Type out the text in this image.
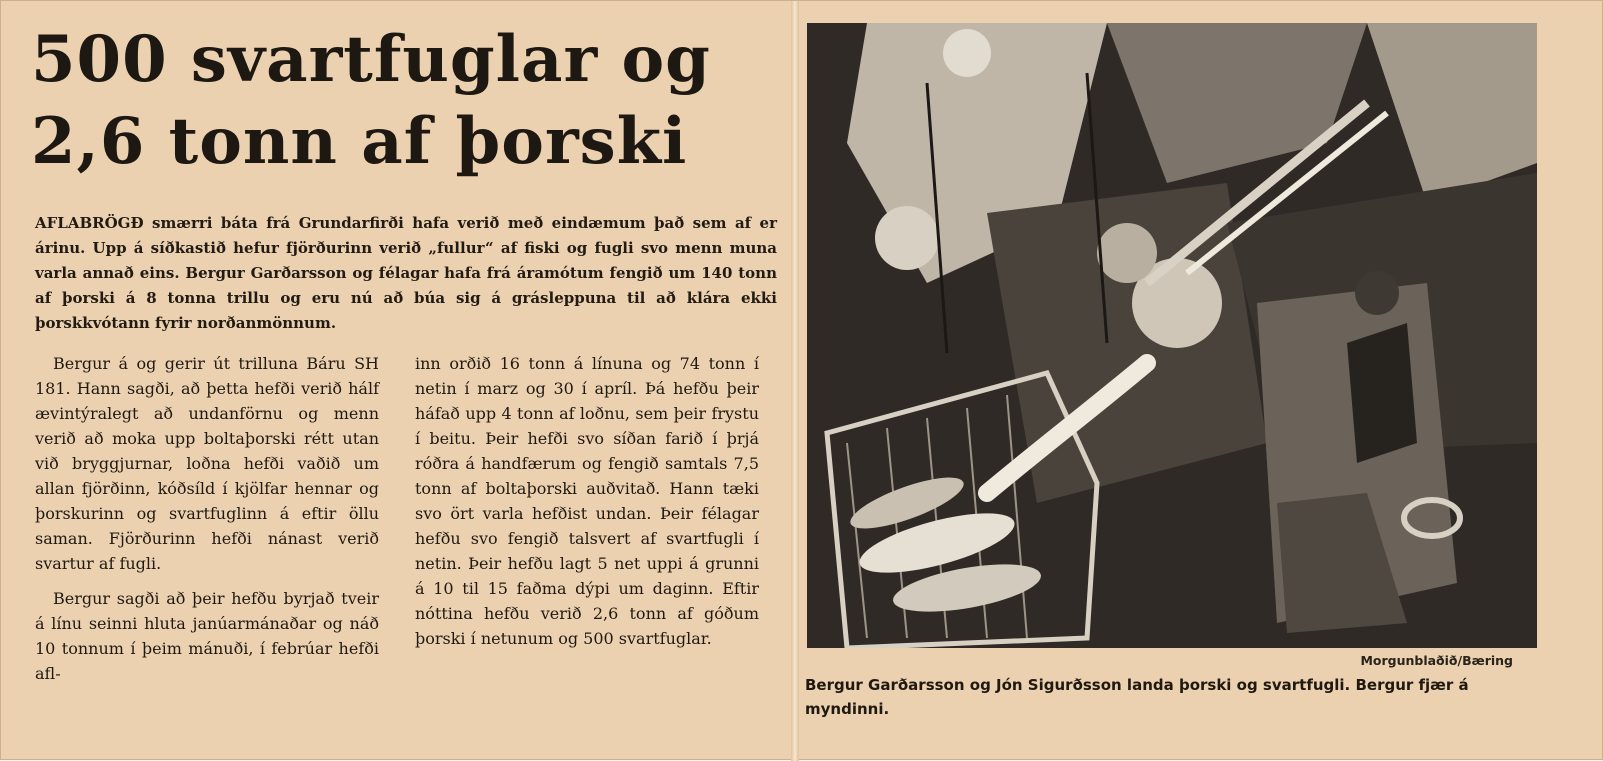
500 svartfuglar og
2,6 tonn af þorski

AFLABRÖGÐ smærri báta frá Grundarfirði hafa verið með eindæmum það sem af er árinu. Upp á síðkastið hefur fjörðurinn verið „fullur“ af fiski og fugli svo menn muna varla annað eins. Bergur Garðarsson og félagar hafa frá áramótum fengið um 140 tonn af þorski á 8 tonna trillu og eru nú að búa sig á grásleppuna til að klára ekki þorskkvótann fyrir norðanmönnum.

Bergur á og gerir út trilluna Báru SH 181. Hann sagði, að þetta hefði verið hálf ævintýralegt að undanförnu og menn verið að moka upp boltaþorski rétt utan við bryggjurnar, loðna hefði vaðið um allan fjörðinn, kóðsíld í kjölfar hennar og þorskurinn og svartfuglinn á eftir öllu saman. Fjörðurinn hefði nánast verið svartur af fugli.

Bergur sagði að þeir hefðu byrjað tveir á línu seinni hluta janúarmánaðar og náð 10 tonnum í þeim mánuði, í febrúar hefði afl-

inn orðið 16 tonn á línuna og 74 tonn í netin í marz og 30 í apríl. Þá hefðu þeir háfað upp 4 tonn af loðnu, sem þeir frystu í beitu. Þeir hefði svo síðan farið í þrjá róðra á handfærum og fengið samtals 7,5 tonn af boltaþorski auðvitað. Hann tæki svo ört varla hefðist undan. Þeir félagar hefðu svo fengið talsvert af svartfugli í netin. Þeir hefðu lagt 5 net uppi á grunni á 10 til 15 faðma dýpi um daginn. Eftir nóttina hefðu verið 2,6 tonn af góðum þorski í netunum og 500 svartfuglar.

Morgunblaðið/Bæring
Bergur Garðarsson og Jón Sigurðsson landa þorski og svartfugli. Bergur fjær á myndinni.
